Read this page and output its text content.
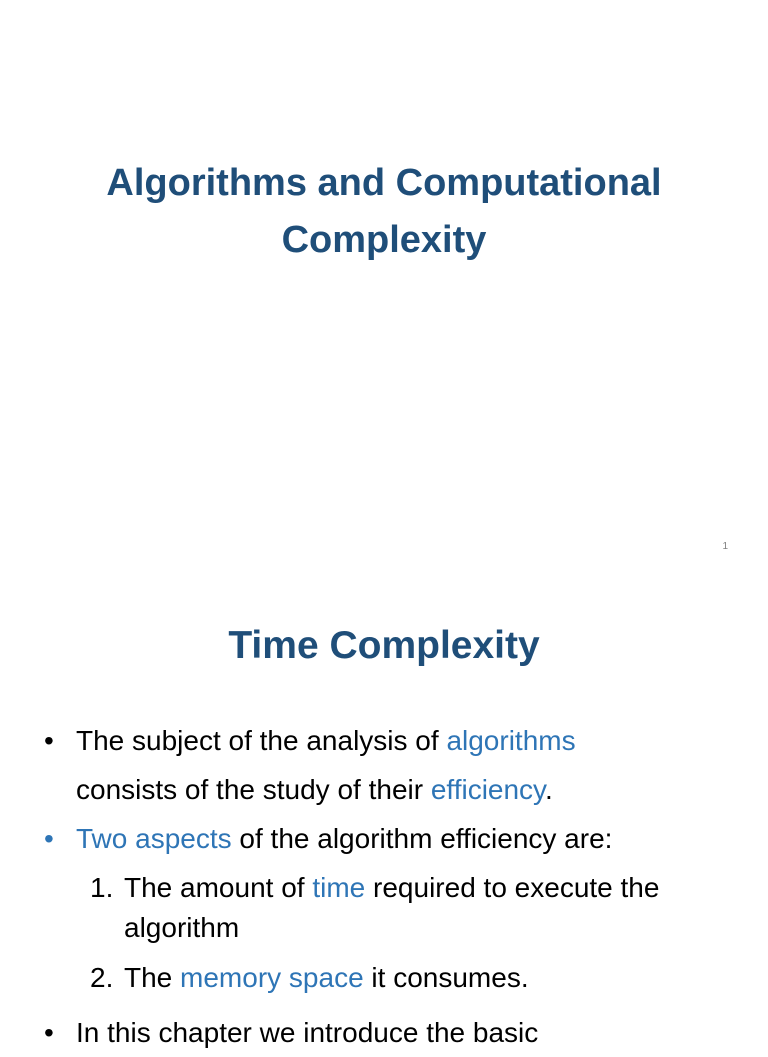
Algorithms and Computational
Complexity
1
Time Complexity
• The subject of the analysis of algorithms
consists of the study of their efficiency.
• Two aspects of the algorithm efficiency are:
1. The amount of time required to execute the algorithm
2. The memory space it consumes.
• In this chapter we introduce the basic
